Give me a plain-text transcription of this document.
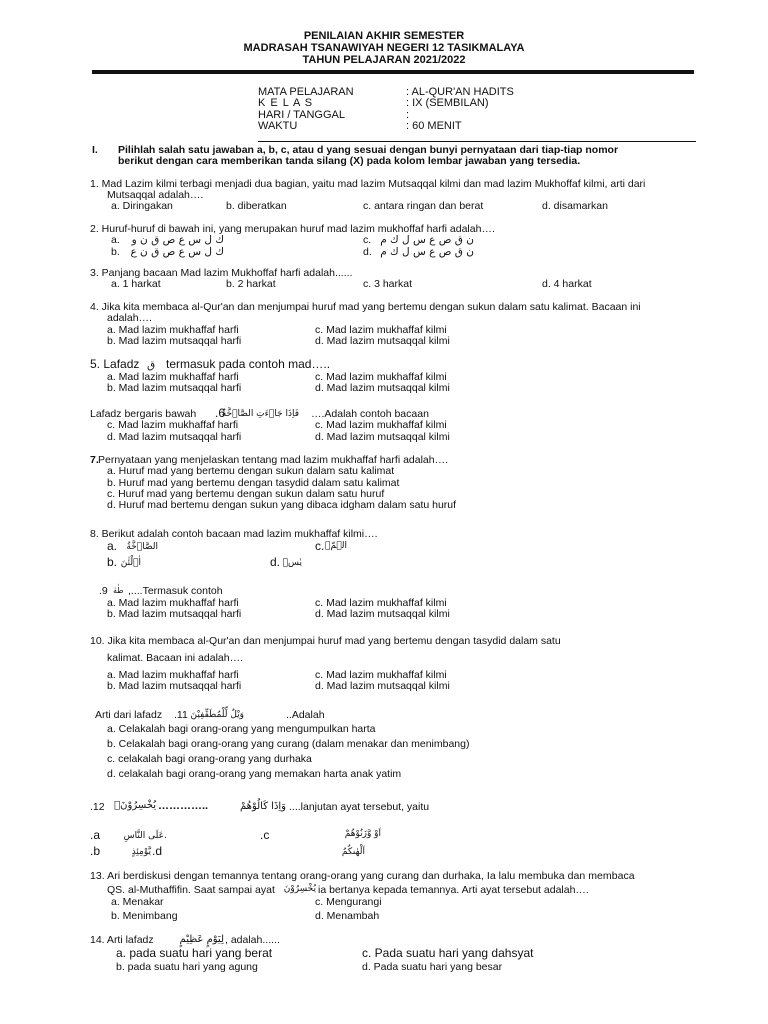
PENILAIAN AKHIR SEMESTER
MADRASAH TSANAWIYAH NEGERI 12 TASIKMALAYA
TAHUN PELAJARAN 2021/2022
MATA PELAJARAN	: AL-QUR'AN HADITS
K E L A S	: IX (SEMBILAN)
HARI / TANGGAL	:
WAKTU	: 60 MENIT
I. Pilihlah salah satu jawaban a, b, c, atau d yang sesuai dengan bunyi pernyataan dari tiap-tiap nomor
berikut dengan cara memberikan tanda silang (X) pada kolom lembar jawaban yang tersedia.
1. Mad Lazim kilmi terbagi menjadi dua bagian, yaitu mad lazim Mutsaqqal kilmi dan mad lazim Mukhoffaf kilmi, arti dari
Mutsaqqal adalah….
a. Diringakan	b. diberatkan	c. antara ringan dan berat	d. disamarkan
2. Huruf-huruf di bawah ini, yang merupakan huruf mad lazim mukhoffaf harfi adalah….
a.	ك ل س ع ص ق ن و	c. ن ق ص ع س ل ك م
b. ك ل س ع ص ق ن ع	d. ن ق ص ع س ل ك م
3. Panjang bacaan Mad lazim Mukhoffaf harfi adalah......
a. 1 harkat	b. 2 harkat	c. 3 harkat	d. 4 harkat
4. Jika kita membaca al-Qur'an dan menjumpai huruf mad yang bertemu dengan sukun dalam satu kalimat. Bacaan ini
adalah….
a. Mad lazim mukhaffaf harfi	c. Mad lazim mukhaffaf kilmi
b. Mad lazim mutsaqqal harfi	d. Mad lazim mutsaqqal kilmi
5. Lafadz ق termasuk pada contoh mad…..
a. Mad lazim mukhaffaf harfi	c. Mad lazim mukhaffaf kilmi
b. Mad lazim mutsaqqal harfi	d. Mad lazim mutsaqqal kilmi
Lafadz bergaris bawah .6
فَاِذَا جَاۤءَتِ الصَّاۤخَّةُ ….Adalah contoh bacaan
c. Mad lazim mukhaffaf harfi	c. Mad lazim mukhaffaf kilmi
d. Mad lazim mutsaqqal harfi	d. Mad lazim mutsaqqal kilmi
7. Pernyataan yang menjelaskan tentang mad lazim mukhaffaf harfi adalah….
a. Huruf mad yang bertemu dengan sukun dalam satu kalimat
b. Huruf mad yang bertemu dengan tasydid dalam satu kalimat
c. Huruf mad yang bertemu dengan sukun dalam satu huruf
d. Huruf mad bertemu dengan sukun yang dibaca idgham dalam satu huruf
8. Berikut adalah contoh bacaan mad lazim mukhaffaf kilmi….
a.	الصَّاۤخَّةُ	c. الۤمّۤ
b. اٰۤلْئٰنَ	d. يٰسۤ
.9 طٰهٰ ,....Termasuk contoh
a. Mad lazim mukhaffaf harfi	c. Mad lazim mukhaffaf kilmi
b. Mad lazim mutsaqqal harfi	d. Mad lazim mutsaqqal kilmi
10. Jika kita membaca al-Qur'an dan menjumpai huruf mad yang bertemu dengan tasydid dalam satu
kalimat. Bacaan ini adalah….
a. Mad lazim mukhaffaf harfi	c. Mad lazim mukhaffaf kilmi
b. Mad lazim mutsaqqal harfi	d. Mad lazim mutsaqqal kilmi
Arti dari lafadz .11 وَيْلٌ لِّلْمُطَفِّفِيْنَ	..Adalah
a. Celakalah bagi orang-orang yang mengumpulkan harta
b. Celakalah bagi orang-orang yang curang (dalam menakar dan menimbang)
c. celakalah bagi orang-orang yang durhaka
d. celakalah bagi orang-orang yang memakan harta anak yatim
.12 يُخْسِرُوْنَۗ …………..	وَاِذَا كَالُوْهُمْ ....lanjutan ayat tersebut, yaitu
.a	عَلَى النَّاسِ .	.c	اَوْ وَّزَنُوْهُمْ
.b	يَّوْمِئِذٍ .d	اَلْهٰىكُمُ
13. Ari berdiskusi dengan temannya tentang orang-orang yang curang dan durhaka, Ia lalu membuka dan membaca
QS. al-Muthaffifin. Saat sampai ayat يُخْسِرُوْنَ ia bertanya kepada temannya. Arti ayat tersebut adalah….
a. Menakar	c. Mengurangi
b. Menimbang	d. Menambah
14. Arti lafadz	لِيَوْمٍ عَظِيْمٍ , adalah......
a. pada suatu hari yang berat	c. Pada suatu hari yang dahsyat
b. pada suatu hari yang agung	d. Pada suatu hari yang besar
